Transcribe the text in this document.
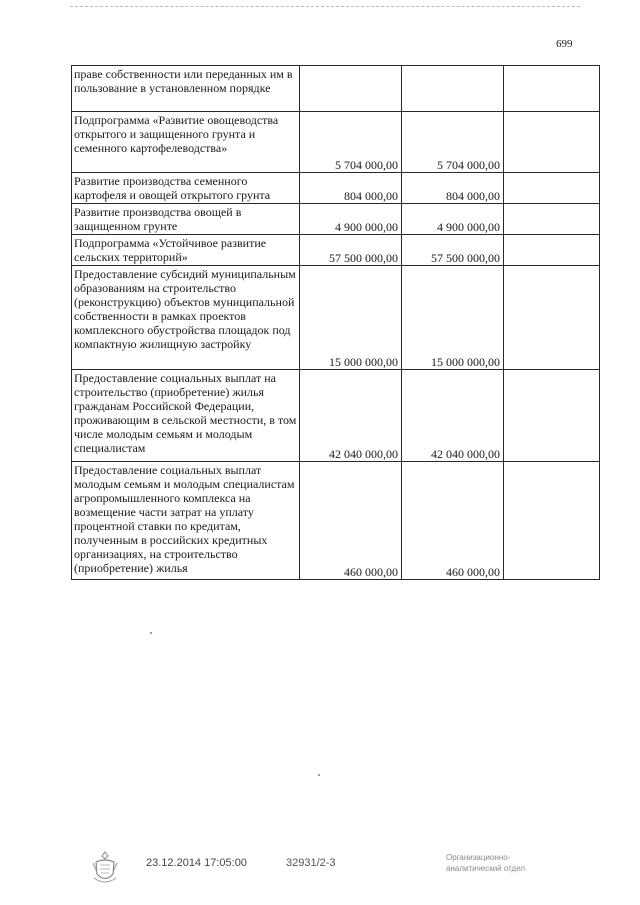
699
праве собственности или переданных им в пользование в установленном порядке			
Подпрограмма «Развитие овощеводства открытого и защищенного грунта и семенного картофелеводства»	5 704 000,00	5 704 000,00	
Развитие производства семенного картофеля и овощей открытого грунта	804 000,00	804 000,00	
Развитие производства овощей в защищенном грунте	4 900 000,00	4 900 000,00	
Подпрограмма «Устойчивое развитие сельских территорий»	57 500 000,00	57 500 000,00	
Предоставление субсидий муниципальным образованиям на строительство (реконструкцию) объектов муниципальной собственности в рамках проектов комплексного обустройства площадок под компактную жилищную застройку	15 000 000,00	15 000 000,00	
Предоставление социальных выплат на строительство (приобретение) жилья гражданам Российской Федерации, проживающим в сельской местности, в том числе молодым семьям и молодым специалистам	42 040 000,00	42 040 000,00	
Предоставление социальных выплат молодым семьям и молодым специалистам агропромышленного комплекса на возмещение части затрат на уплату процентной ставки по кредитам, полученным в российских кредитных организациях, на строительство (приобретение) жилья	460 000,00	460 000,00	
23.12.2014 17:05:00	32931/2-3	Организационно-
аналитический отдел
